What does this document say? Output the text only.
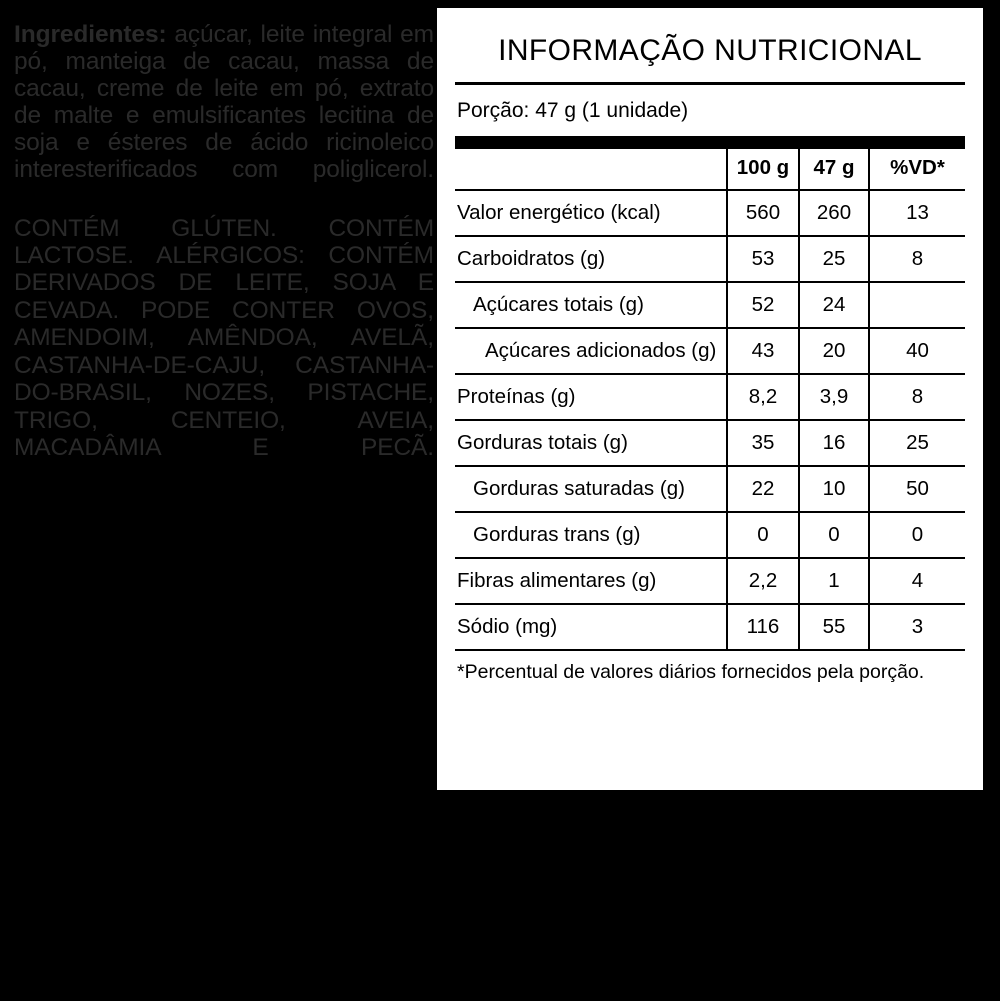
Ingredientes: açúcar, leite integral em pó, manteiga de cacau, massa de cacau, creme de leite em pó, extrato de malte e emulsificantes lecitina de soja e ésteres de ácido ricinoleico interesterificados com poliglicerol.
CONTÉM GLÚTEN. CONTÉM LACTOSE. ALÉRGICOS: CONTÉM DERIVADOS DE LEITE, SOJA E CEVADA. PODE CONTER OVOS, AMENDOIM, AMÊNDOA, AVELÃ, CASTANHA-DE-CAJU, CASTANHA-DO-BRASIL, NOZES, PISTACHE, TRIGO, CENTEIO, AVEIA, MACADÂMIA E PECÃ.
INFORMAÇÃO NUTRICIONAL
Porção: 47 g (1 unidade)
	100 g	47 g	%VD*
Valor energético (kcal)	560	260	13
Carboidratos (g)	53	25	8
Açúcares totais (g)	52	24	
Açúcares adicionados (g)	43	20	40
Proteínas (g)	8,2	3,9	8
Gorduras totais (g)	35	16	25
Gorduras saturadas (g)	22	10	50
Gorduras trans (g)	0	0	0
Fibras alimentares (g)	2,2	1	4
Sódio (mg)	116	55	3
*Percentual de valores diários fornecidos pela porção.
